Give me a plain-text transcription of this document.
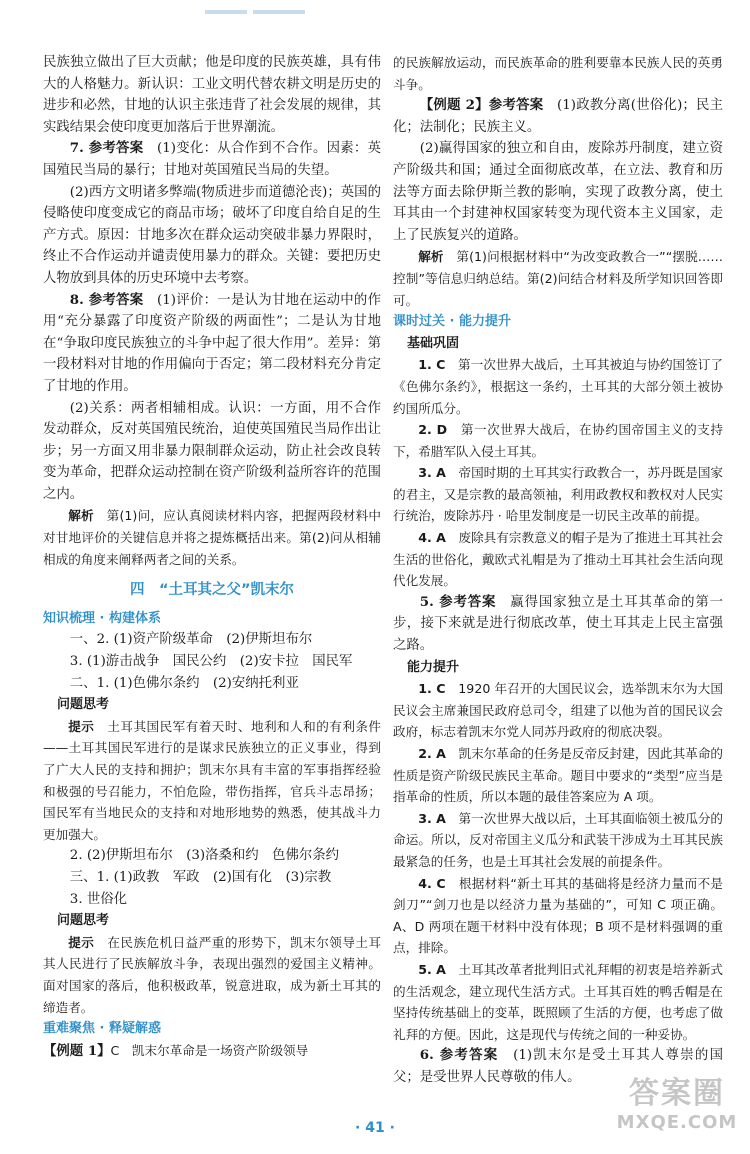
民族独立做出了巨大贡献；他是印度的民族英雄，具有伟大的人格魅力。新认识：工业文明代替农耕文明是历史的进步和必然，甘地的认识主张违背了社会发展的规律，其实践结果会使印度更加落后于世界潮流。

7. 参考答案　 (1)变化：从合作到不合作。因素：英国殖民当局的暴行；甘地对英国殖民当局的失望。

(2)西方文明诸多弊端(物质进步而道德沦丧)；英国的侵略使印度变成它的商品市场；破坏了印度自给自足的生产方式。原因：甘地多次在群众运动突破非暴力界限时，终止不合作运动并谴责使用暴力的群众。关键：要把历史人物放到具体的历史环境中去考察。

8. 参考答案　 (1)评价：一是认为甘地在运动中的作用“充分暴露了印度资产阶级的两面性”；二是认为甘地在“争取印度民族独立的斗争中起了很大作用”。差异：第一段材料对甘地的作用偏向于否定；第二段材料充分肯定了甘地的作用。

(2)关系：两者相辅相成。认识：一方面，用不合作发动群众，反对英国殖民统治，迫使英国殖民当局作出让步；另一方面又用非暴力限制群众运动，防止社会改良转变为革命，把群众运动控制在资产阶级利益所容许的范围之内。

解析　 第(1)问，应认真阅读材料内容，把握两段材料中对甘地评价的关键信息并将之提炼概括出来。第(2)问从相辅相成的角度来阐释两者之间的关系。

四　“土耳其之父”凯末尔
知识梳理 · 构建体系

一、2. (1)资产阶级革命　(2)伊斯坦布尔

3. (1)游击战争　国民公约　(2)安卡拉　国民军

二、1. (1)色佛尔条约　(2)安纳托利亚

问题思考

提示　 土耳其国民军有着天时、地利和人和的有利条件——土耳其国民军进行的是谋求民族独立的正义事业，得到了广大人民的支持和拥护；凯末尔具有丰富的军事指挥经验和极强的号召能力，不怕危险，带伤指挥，官兵斗志昂扬；国民军有当地民众的支持和对地形地势的熟悉，使其战斗力更加强大。

2. (2)伊斯坦布尔　(3)洛桑和约　色佛尔条约

三、1. (1)政教　军政　(2)国有化　(3)宗教

3. 世俗化

问题思考

提示　 在民族危机日益严重的形势下，凯末尔领导土耳其人民进行了民族解放斗争，表现出强烈的爱国主义精神。面对国家的落后，他积极政革，锐意进取，成为新土耳其的缔造者。

重难聚焦 · 释疑解惑

【例题 1】C　凯末尔革命是一场资产阶级领导

的民族解放运动，而民族革命的胜利要靠本民族人民的英勇斗争。

【例题 2】参考答案　 (1)政教分离(世俗化)；民主化；法制化；民族主义。

(2)赢得国家的独立和自由，废除苏丹制度，建立资产阶级共和国；通过全面彻底改革，在立法、教育和历法等方面去除伊斯兰教的影响，实现了政教分离，使土耳其由一个封建神权国家转变为现代资本主义国家，走上了民族复兴的道路。

解析　 第(1)问根据材料中“为改变政教合一”“摆脱……控制”等信息归纳总结。第(2)问结合材料及所学知识回答即可。

课时过关 · 能力提升
基础巩固

1. C　 第一次世界大战后，土耳其被迫与协约国签订了《色佛尔条约》，根据这一条约，土耳其的大部分领土被协约国所瓜分。

2. D　 第一次世界大战后，在协约国帝国主义的支持下，希腊军队入侵土耳其。

3. A　 帝国时期的土耳其实行政教合一，苏丹既是国家的君主，又是宗教的最高领袖，利用政教权和教权对人民实行统治，废除苏丹 · 哈里发制度是一切民主改革的前提。

4. A　 废除具有宗教意义的帽子是为了推进土耳其社会生活的世俗化，戴欧式礼帽是为了推动土耳其社会生活向现代化发展。

5. 参考答案　 赢得国家独立是土耳其革命的第一步，接下来就是进行彻底改革，使土耳其走上民主富强之路。

能力提升

1. C　 1920 年召开的大国民议会，选举凯末尔为大国民议会主席兼国民政府总司令，组建了以他为首的国民议会政府，标志着凯末尔党人同苏丹政府的彻底决裂。

2. A　 凯末尔革命的任务是反帝反封建，因此其革命的性质是资产阶级民族民主革命。题目中要求的“类型”应当是指革命的性质，所以本题的最佳答案应为 A 项。

3. A　 第一次世界大战以后，土耳其面临领土被瓜分的命运。所以，反对帝国主义瓜分和武装干涉成为土耳其民族最紧急的任务，也是土耳其社会发展的前提条件。

4. C　 根据材料“新土耳其的基础将是经济力量而不是剑刀”“剑刀也是以经济力量为基础的”，可知 C 项正确。A、D 两项在题干材料中没有体现；B 项不是材料强调的重点，排除。

5. A　 土耳其改革者批判旧式礼拜帽的初衷是培养新式的生活观念，建立现代生活方式。土耳其百姓的鸭舌帽是在坚持传统基础上的变革，既照顾了生活的方便，也考虑了做礼拜的方便。因此，这是现代与传统之间的一种妥协。

6. 参考答案　 (1)凯末尔是受土耳其人尊崇的国父；是受世界人民尊敬的伟人。

· 41 ·
答案圈
MXQE.COM
